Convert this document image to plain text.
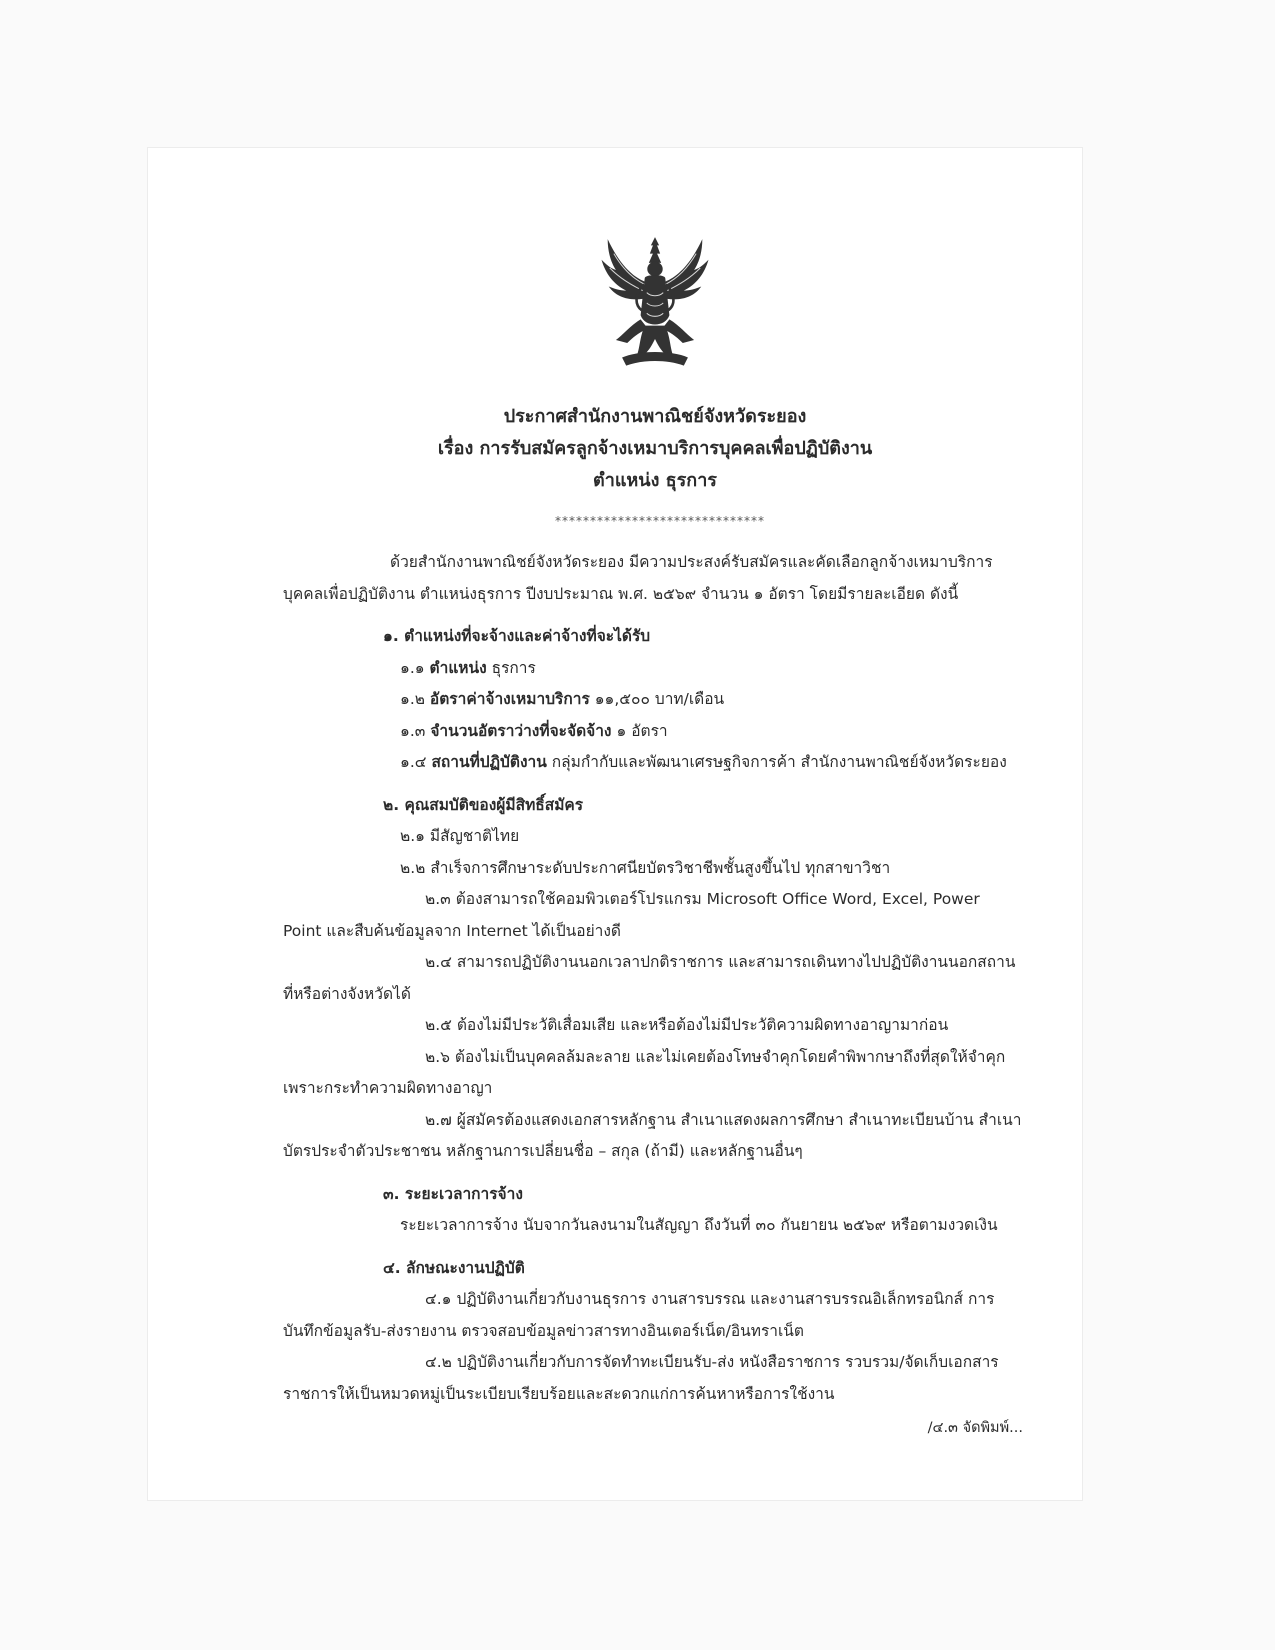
ประกาศสำนักงานพาณิชย์จังหวัดระยอง
เรื่อง การรับสมัครลูกจ้างเหมาบริการบุคคลเพื่อปฏิบัติงาน
ตำแหน่ง ธุรการ
******************************

ด้วยสำนักงานพาณิชย์จังหวัดระยอง มีความประสงค์รับสมัครและคัดเลือกลูกจ้างเหมาบริการบุคคลเพื่อปฏิบัติงาน ตำแหน่งธุรการ ปีงบประมาณ พ.ศ. ๒๕๖๙ จำนวน ๑ อัตรา โดยมีรายละเอียด ดังนี้

๑. ตำแหน่งที่จะจ้างและค่าจ้างที่จะได้รับ

๑.๑ ตำแหน่ง ธุรการ

๑.๒ อัตราค่าจ้างเหมาบริการ ๑๑,๕๐๐ บาท/เดือน

๑.๓ จำนวนอัตราว่างที่จะจัดจ้าง ๑ อัตรา

๑.๔ สถานที่ปฏิบัติงาน กลุ่มกำกับและพัฒนาเศรษฐกิจการค้า สำนักงานพาณิชย์จังหวัดระยอง

๒. คุณสมบัติของผู้มีสิทธิ์สมัคร

๒.๑ มีสัญชาติไทย

๒.๒ สำเร็จการศึกษาระดับประกาศนียบัตรวิชาชีพชั้นสูงขึ้นไป ทุกสาขาวิชา

๒.๓ ต้องสามารถใช้คอมพิวเตอร์โปรแกรม Microsoft Office Word, Excel, Power Point และสืบค้นข้อมูลจาก Internet ได้เป็นอย่างดี

๒.๔ สามารถปฏิบัติงานนอกเวลาปกติราชการ และสามารถเดินทางไปปฏิบัติงานนอกสถานที่หรือต่างจังหวัดได้

๒.๕ ต้องไม่มีประวัติเสื่อมเสีย และหรือต้องไม่มีประวัติความผิดทางอาญามาก่อน

๒.๖ ต้องไม่เป็นบุคคลล้มละลาย และไม่เคยต้องโทษจำคุกโดยคำพิพากษาถึงที่สุดให้จำคุก เพราะกระทำความผิดทางอาญา

๒.๗ ผู้สมัครต้องแสดงเอกสารหลักฐาน สำเนาแสดงผลการศึกษา สำเนาทะเบียนบ้าน สำเนาบัตรประจำตัวประชาชน หลักฐานการเปลี่ยนชื่อ – สกุล (ถ้ามี) และหลักฐานอื่นๆ

๓. ระยะเวลาการจ้าง

ระยะเวลาการจ้าง นับจากวันลงนามในสัญญา ถึงวันที่ ๓๐ กันยายน ๒๕๖๙ หรือตามงวดเงิน

๔. ลักษณะงานปฏิบัติ

๔.๑ ปฏิบัติงานเกี่ยวกับงานธุรการ งานสารบรรณ และงานสารบรรณอิเล็กทรอนิกส์ การบันทึกข้อมูลรับ-ส่งรายงาน ตรวจสอบข้อมูลข่าวสารทางอินเตอร์เน็ต/อินทราเน็ต

๔.๒ ปฏิบัติงานเกี่ยวกับการจัดทำทะเบียนรับ-ส่ง หนังสือราชการ รวบรวม/จัดเก็บเอกสารราชการให้เป็นหมวดหมู่เป็นระเบียบเรียบร้อยและสะดวกแก่การค้นหาหรือการใช้งาน

/๔.๓ จัดพิมพ์...
